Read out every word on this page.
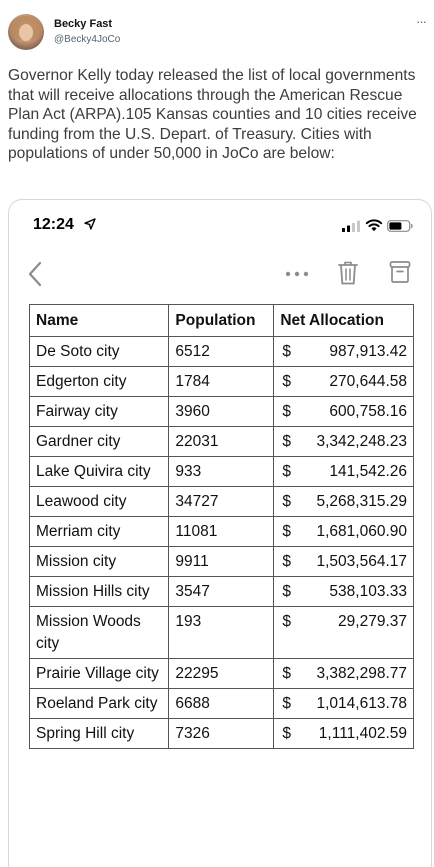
Becky Fast
@Becky4JoCo
···
Governor Kelly today released the list of local governments that will receive allocations through the American Rescue Plan Act (ARPA).105 Kansas counties and 10 cities receive funding from the U.S. Depart. of Treasury. Cities with populations of under 50,000 in JoCo are below:
12:24
Name	Population	Net Allocation
De Soto city	6512	$ 987,913.42

Edgerton city	1784	$ 270,644.58

Fairway city	3960	$ 600,758.16

Gardner city	22031	$ 3,342,248.23

Lake Quivira city	933	$ 141,542.26

Leawood city	34727	$ 5,268,315.29

Merriam city	11081	$ 1,681,060.90

Mission city	9911	$ 1,503,564.17

Mission Hills city	3547	$ 538,103.33

Mission Woods city	193	$ 29,279.37

Prairie Village city	22295	$ 3,382,298.77

Roeland Park city	6688	$ 1,014,613.78

Spring Hill city	7326	$ 1,111,402.59
